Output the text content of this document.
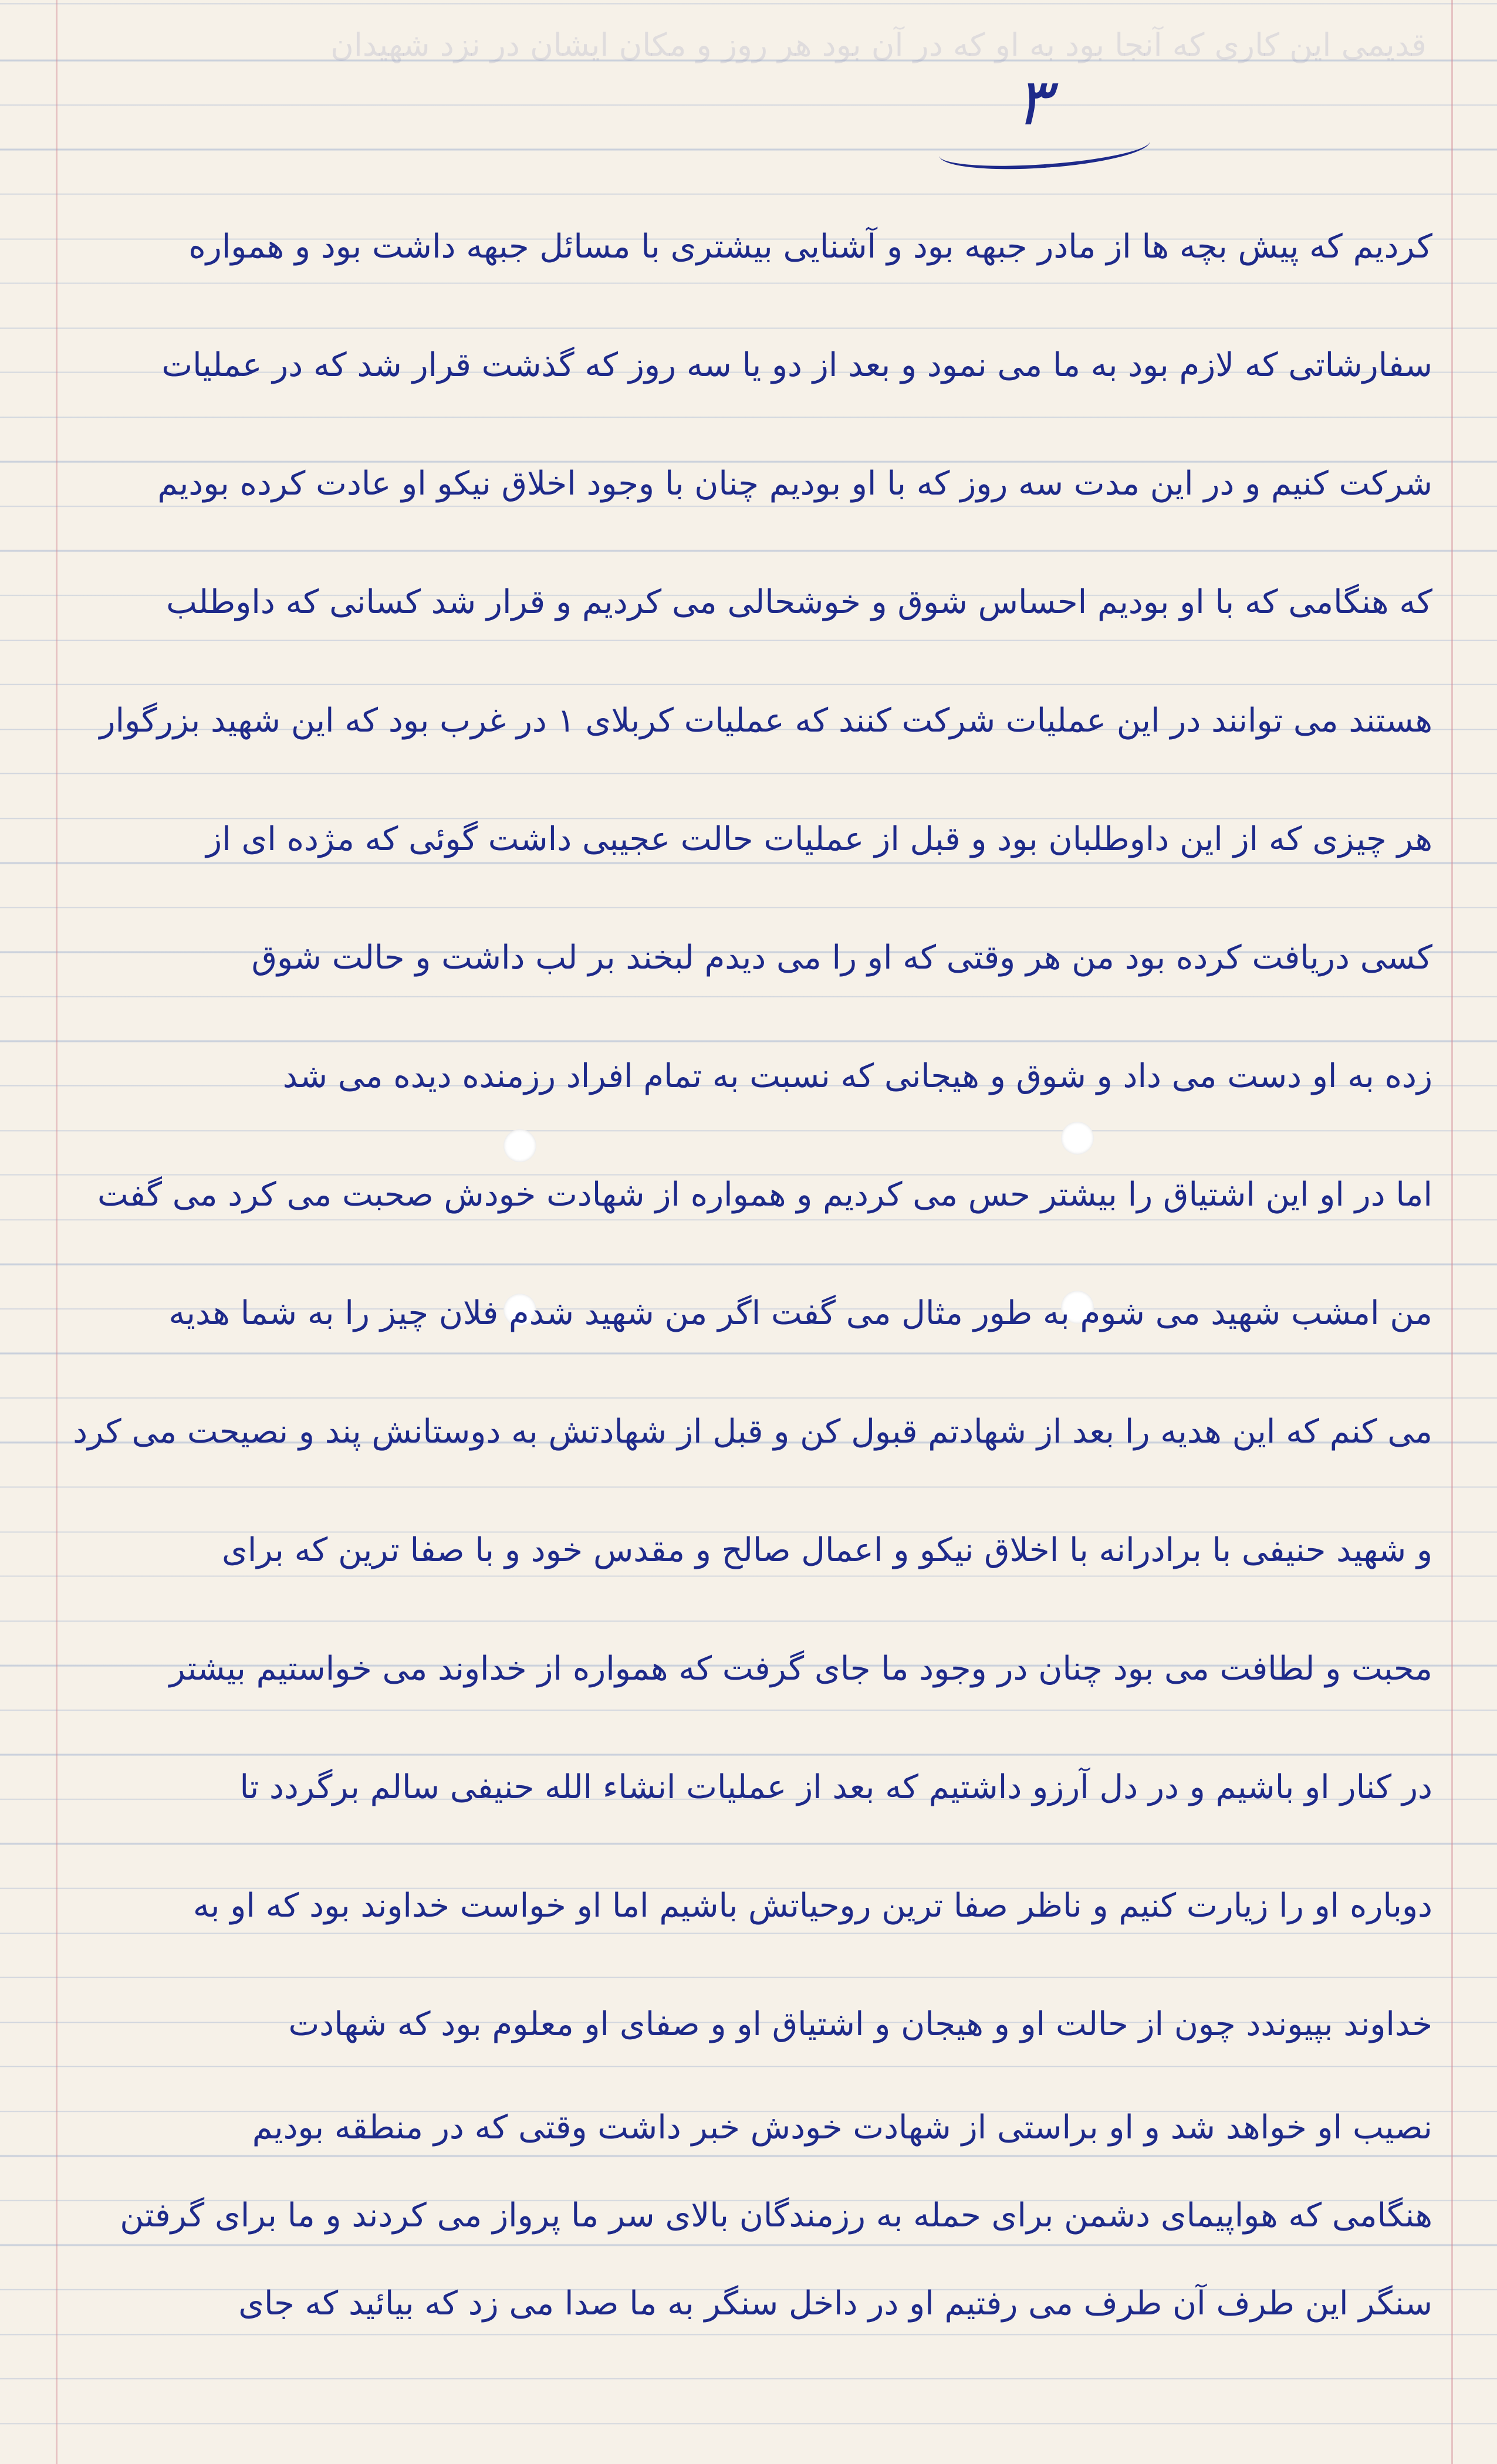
قدیمی این کاری که آنجا بود به او که در آن بود هر روز و مکان ایشان در نزد شهیدان
۳
کردیم که پیش بچه ها از مادر جبهه بود و آشنایی بیشتری با مسائل جبهه داشت بود و همواره
سفارشاتی که لازم بود به ما می نمود و بعد از دو یا سه روز که گذشت قرار شد که در عملیات
شرکت کنیم و در این مدت سه روز که با او بودیم چنان با وجود اخلاق نیکو او عادت کرده بودیم
که هنگامی که با او بودیم احساس شوق و خوشحالی می کردیم و قرار شد کسانی که داوطلب
هستند می توانند در این عملیات شرکت کنند که عملیات کربلای ۱ در غرب بود که این شهید بزرگوار
هر چیزی که از این داوطلبان بود و قبل از عملیات حالت عجیبی داشت گوئی که مژده ای از
کسی دریافت کرده بود من هر وقتی که او را می دیدم لبخند بر لب داشت و حالت شوق
زده به او دست می داد و شوق و هیجانی که نسبت به تمام افراد رزمنده دیده می شد
اما در او این اشتیاق را بیشتر حس می کردیم و همواره از شهادت خودش صحبت می کرد می گفت
من امشب شهید می شوم به طور مثال می گفت اگر من شهید شدم فلان چیز را به شما هدیه
می کنم که این هدیه را بعد از شهادتم قبول کن و قبل از شهادتش به دوستانش پند و نصیحت می کرد
و شهید حنیفی با برادرانه با اخلاق نیکو و اعمال صالح و مقدس خود و با صفا ترین که برای
محبت و لطافت می بود چنان در وجود ما جای گرفت که همواره از خداوند می خواستیم بیشتر
در کنار او باشیم و در دل آرزو داشتیم که بعد از عملیات انشاء الله حنیفی سالم برگردد تا
دوباره او را زیارت کنیم و ناظر صفا ترین روحیاتش باشیم اما او خواست خداوند بود که او به
خداوند بپیوندد چون از حالت او و هیجان و اشتیاق او و صفای او معلوم بود که شهادت
نصیب او خواهد شد و او براستی از شهادت خودش خبر داشت وقتی که در منطقه بودیم
هنگامی که هواپیمای دشمن برای حمله به رزمندگان بالای سر ما پرواز می کردند و ما برای گرفتن
سنگر این طرف آن طرف می رفتیم او در داخل سنگر به ما صدا می زد که بیائید که جای
